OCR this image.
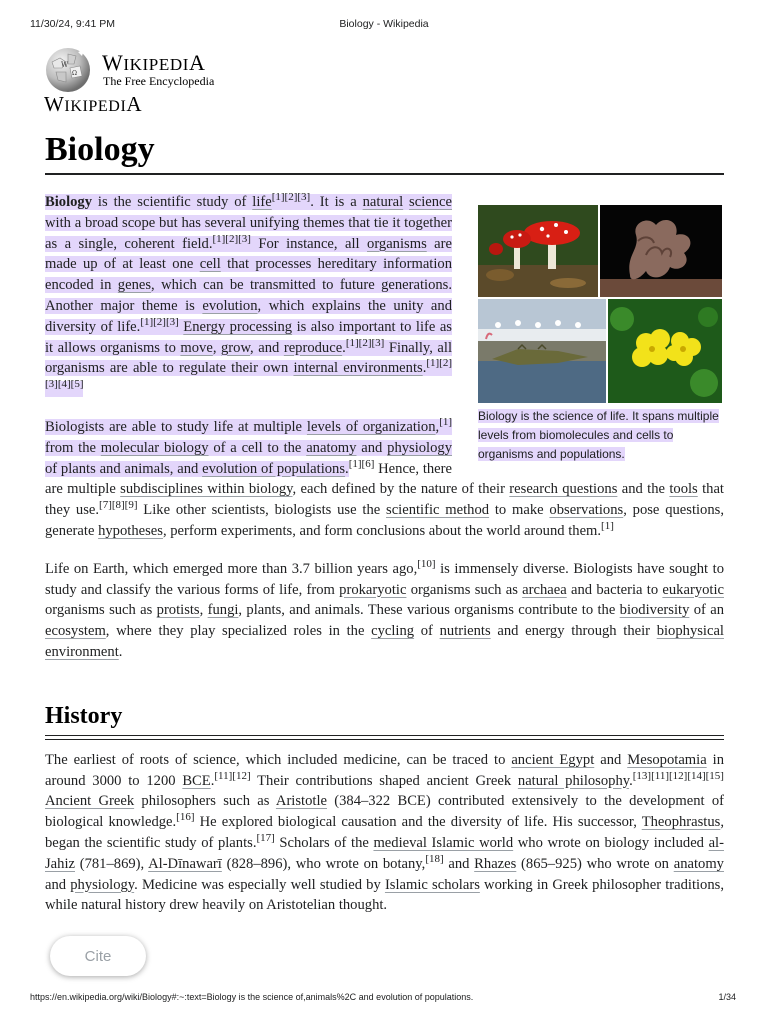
11/30/24, 9:41 PM	Biology - Wikipedia
W
Ω WIKIPEDIA
The Free Encyclopedia
WIKIPEDIA
Biology
Biology is the science of life. It spans multiple levels from biomolecules and cells to organisms and populations.

Biology is the scientific study of life[1][2][3]. It is a natural science with a broad scope but has several unifying themes that tie it together as a single, coherent field.[1][2][3] For instance, all organisms are made up of at least one cell that processes hereditary information encoded in genes, which can be transmitted to future generations. Another major theme is evolution, which explains the unity and diversity of life.[1][2][3] Energy processing is also important to life as it allows organisms to move, grow, and reproduce.[1][2][3] Finally, all organisms are able to regulate their own internal environments.[1][2][3][4][5]

Biologists are able to study life at multiple levels of organization,[1] from the molecular biology of a cell to the anatomy and physiology of plants and animals, and evolution of populations.[1][6] Hence, there are multiple subdisciplines within biology, each defined by the nature of their research questions and the tools that they use.[7][8][9] Like other scientists, biologists use the scientific method to make observations, pose questions, generate hypotheses, perform experiments, and form conclusions about the world around them.[1]

Life on Earth, which emerged more than 3.7 billion years ago,[10] is immensely diverse. Biologists have sought to study and classify the various forms of life, from prokaryotic organisms such as archaea and bacteria to eukaryotic organisms such as protists, fungi, plants, and animals. These various organisms contribute to the biodiversity of an ecosystem, where they play specialized roles in the cycling of nutrients and energy through their biophysical environment.

History

The earliest of roots of science, which included medicine, can be traced to ancient Egypt and Mesopotamia in around 3000 to 1200 BCE.[11][12] Their contributions shaped ancient Greek natural philosophy.[13][11][12][14][15] Ancient Greek philosophers such as Aristotle (384–322 BCE) contributed extensively to the development of biological knowledge.[16] He explored biological causation and the diversity of life. His successor, Theophrastus, began the scientific study of plants.[17] Scholars of the medieval Islamic world who wrote on biology included al-Jahiz (781–869), Al-Dīnawarī (828–896), who wrote on botany,[18] and Rhazes (865–925) who wrote on anatomy and physiology. Medicine was especially well studied by Islamic scholars working in Greek philosopher traditions, while natural history drew heavily on Aristotelian thought.

Cite
https://en.wikipedia.org/wiki/Biology#:~:text=Biology is the science of,animals%2C and evolution of populations.	1/34
